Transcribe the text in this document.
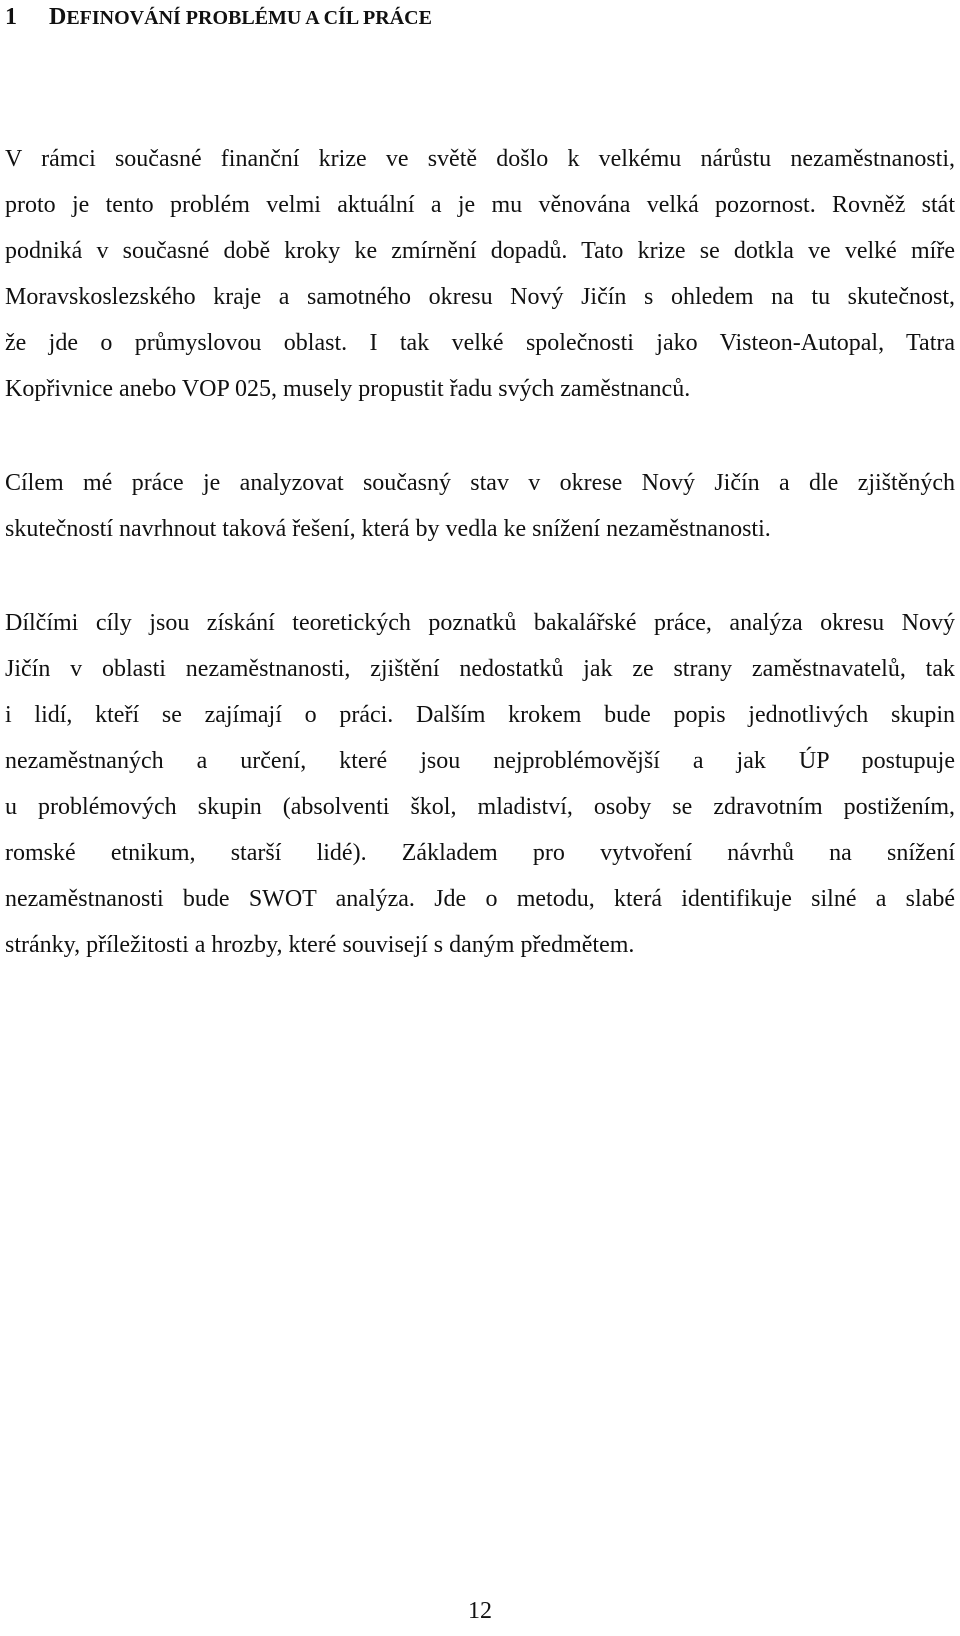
1 DEFINOVÁNÍ PROBLÉMU A CÍL PRÁCE

V rámci současné finanční krize ve světě došlo k velkému nárůstu nezaměstnanosti,
proto je tento problém velmi aktuální a je mu věnována velká pozornost. Rovněž stát
podniká v současné době kroky ke zmírnění dopadů. Tato krize se dotkla ve velké míře
Moravskoslezského kraje a samotného okresu Nový Jičín s ohledem na tu skutečnost,
že jde o průmyslovou oblast. I tak velké společnosti jako Visteon-Autopal, Tatra
Kopřivnice anebo VOP 025, musely propustit řadu svých zaměstnanců.

Cílem mé práce je analyzovat současný stav v okrese Nový Jičín a dle zjištěných
skutečností navrhnout taková řešení, která by vedla ke snížení nezaměstnanosti.

Dílčími cíly jsou získání teoretických poznatků bakalářské práce, analýza okresu Nový
Jičín v oblasti nezaměstnanosti, zjištění nedostatků jak ze strany zaměstnavatelů, tak
i lidí, kteří se zajímají o práci. Dalším krokem bude popis jednotlivých skupin
nezaměstnaných a určení, které jsou nejproblémovější a jak ÚP postupuje
u problémových skupin (absolventi škol, mladiství, osoby se zdravotním postižením,
romské etnikum, starší lidé). Základem pro vytvoření návrhů na snížení
nezaměstnanosti bude SWOT analýza. Jde o metodu, která identifikuje silné a slabé
stránky, příležitosti a hrozby, které souvisejí s daným předmětem.

12
